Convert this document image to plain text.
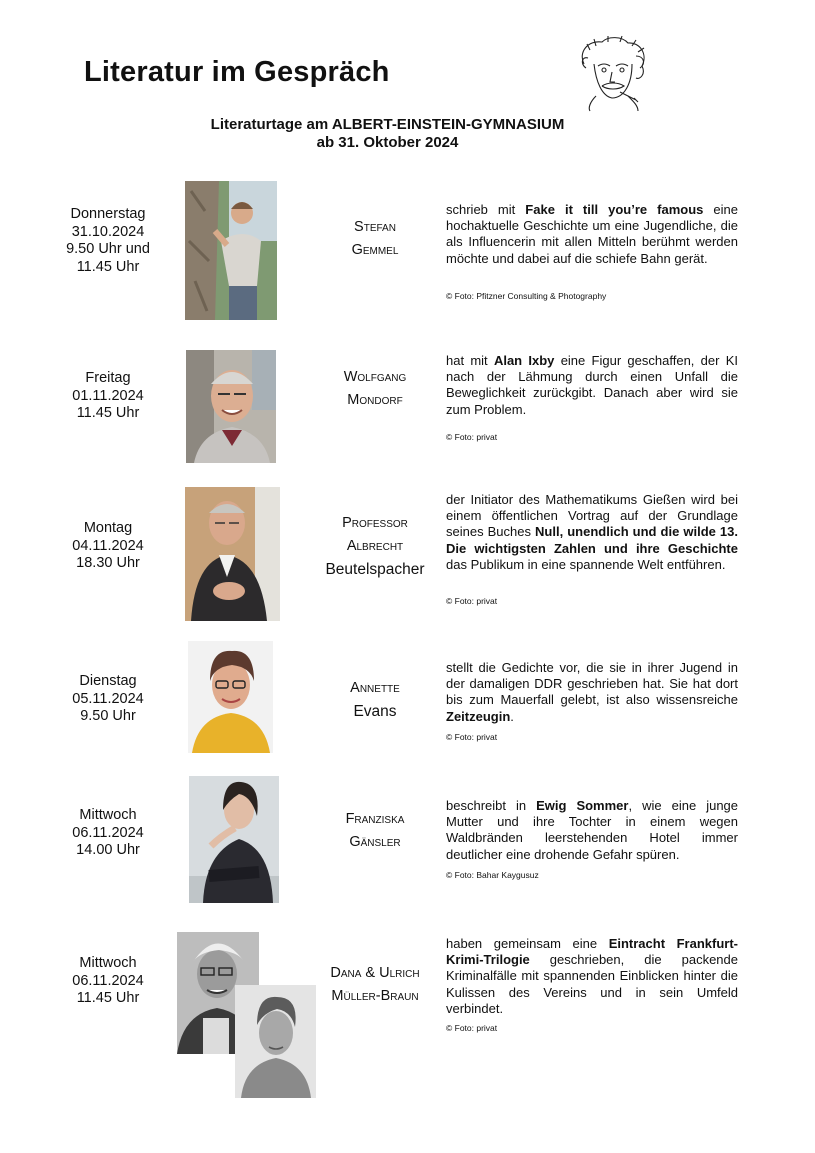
Literatur im Gespräch
Literaturtage am ALBERT-EINSTEIN-GYMNASIUM
ab 31. Oktober 2024
Donnerstag
31.10.2024
9.50 Uhr und
11.45 Uhr
Stefan
Gemmel
schrieb mit Fake it till you’re famous eine hochaktuelle Geschichte um eine Jugendliche, die als Influencerin mit allen Mitteln berühmt werden möchte und dabei auf die schiefe Bahn gerät.
© Foto: Pfitzner Consulting & Photography
Freitag
01.11.2024
11.45 Uhr
Wolfgang
Mondorf
hat mit Alan Ixby eine Figur geschaffen, der KI nach der Lähmung durch einen Unfall die Beweglichkeit zurückgibt. Danach aber wird sie zum Problem.
© Foto: privat
Montag
04.11.2024
18.30 Uhr
Professor
Albrecht
Beutelspacher
der Initiator des Mathematikums Gießen wird bei einem öffentlichen Vortrag auf der Grundlage seines Buches Null, unendlich und die wilde 13. Die wichtigsten Zahlen und ihre Geschichte das Publikum in eine spannende Welt entführen.
© Foto: privat
Dienstag
05.11.2024
9.50 Uhr
Annette
Evans
stellt die Gedichte vor, die sie in ihrer Jugend in der damaligen DDR geschrieben hat. Sie hat dort bis zum Mauerfall gelebt, ist also wissensreiche Zeitzeugin.
© Foto: privat
Mittwoch
06.11.2024
14.00 Uhr
Franziska
Gänsler
beschreibt in Ewig Sommer, wie eine junge Mutter und ihre Tochter in einem wegen Waldbränden leerstehenden Hotel immer deutlicher eine drohende Gefahr spüren.
© Foto: Bahar Kaygusuz
Mittwoch
06.11.2024
11.45 Uhr
Dana & Ulrich
Müller-Braun
haben gemeinsam eine Eintracht Frankfurt-Krimi-Trilogie geschrieben, die packende Kriminalfälle mit spannenden Einblicken hinter die Kulissen des Vereins und in sein Umfeld verbindet.
© Foto: privat
